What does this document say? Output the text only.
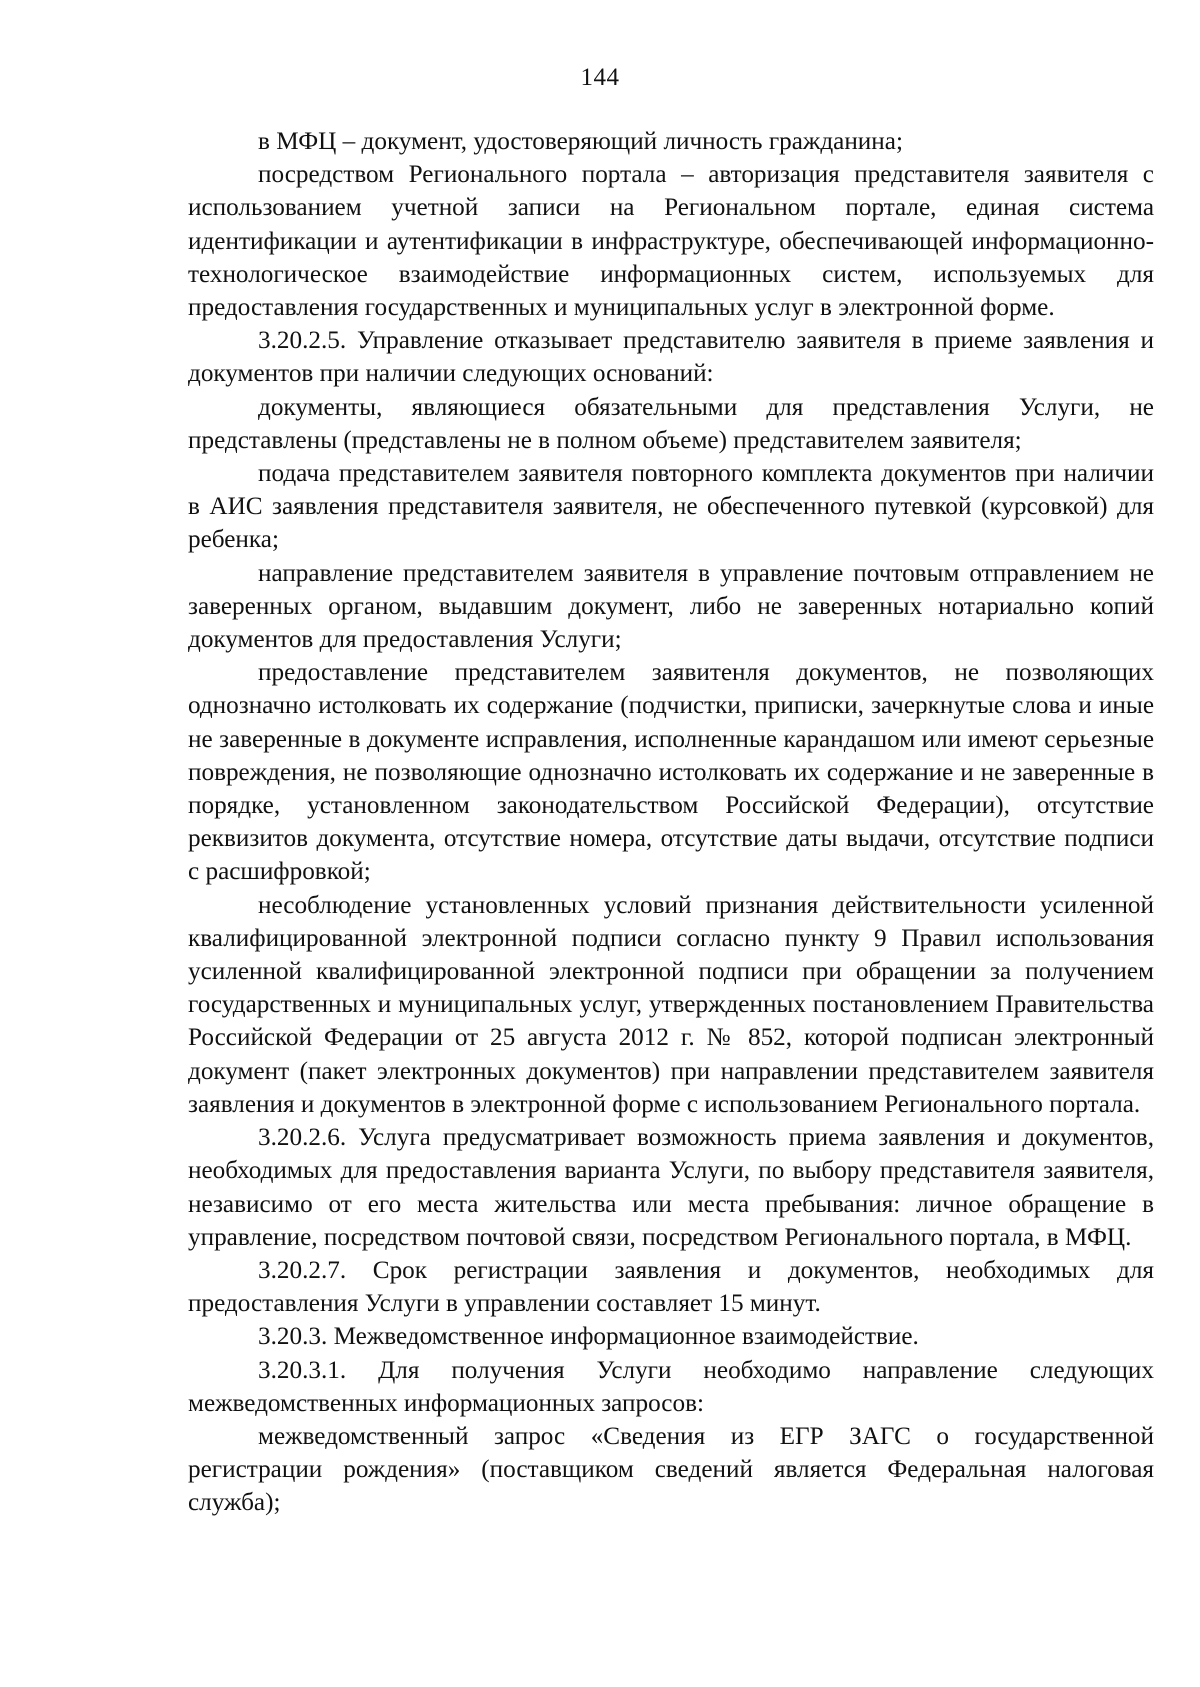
144

в МФЦ – документ, удостоверяющий личность гражданина;

посредством Регионального портала – авторизация представителя заявителя с использованием учетной записи на Региональном портале, единая система идентификации и аутентификации в инфраструктуре, обеспечивающей информационно-технологическое взаимодействие информационных систем, используемых для предоставления государственных и муниципальных услуг в электронной форме.

3.20.2.5. Управление отказывает представителю заявителя в приеме заявления и документов при наличии следующих оснований:

документы, являющиеся обязательными для представления Услуги, не представлены (представлены не в полном объеме) представителем заявителя;

подача представителем заявителя повторного комплекта документов при наличии в АИС заявления представителя заявителя, не обеспеченного путевкой (курсовкой) для ребенка;

направление представителем заявителя в управление почтовым отправлением не заверенных органом, выдавшим документ, либо не заверенных нотариально копий документов для предоставления Услуги;

предоставление представителем заявитенля документов, не позволяющих однозначно истолковать их содержание (подчистки, приписки, зачеркнутые слова и иные не заверенные в документе исправления, исполненные карандашом или имеют серьезные повреждения, не позволяющие однозначно истолковать их содержание и не заверенные в порядке, установленном законодательством Российской Федерации), отсутствие реквизитов документа, отсутствие номера, отсутствие даты выдачи, отсутствие подписи с расшифровкой;

несоблюдение установленных условий признания действительности усиленной квалифицированной электронной подписи согласно пункту 9 Правил использования усиленной квалифицированной электронной подписи при обращении за получением государственных и муниципальных услуг, утвержденных постановлением Правительства Российской Федерации от 25 августа 2012 г. № 852, которой подписан электронный документ (пакет электронных документов) при направлении представителем заявителя заявления и документов в электронной форме с использованием Регионального портала.

3.20.2.6. Услуга предусматривает возможность приема заявления и документов, необходимых для предоставления варианта Услуги, по выбору представителя заявителя, независимо от его места жительства или места пребывания: личное обращение в управление, посредством почтовой связи, посредством Регионального портала, в МФЦ.

3.20.2.7. Срок регистрации заявления и документов, необходимых для предоставления Услуги в управлении составляет 15 минут.

3.20.3. Межведомственное информационное взаимодействие.

3.20.3.1. Для получения Услуги необходимо направление следующих межведомственных информационных запросов:

межведомственный запрос «Сведения из ЕГР ЗАГС о государственной регистрации рождения» (поставщиком сведений является Федеральная налоговая служба);
